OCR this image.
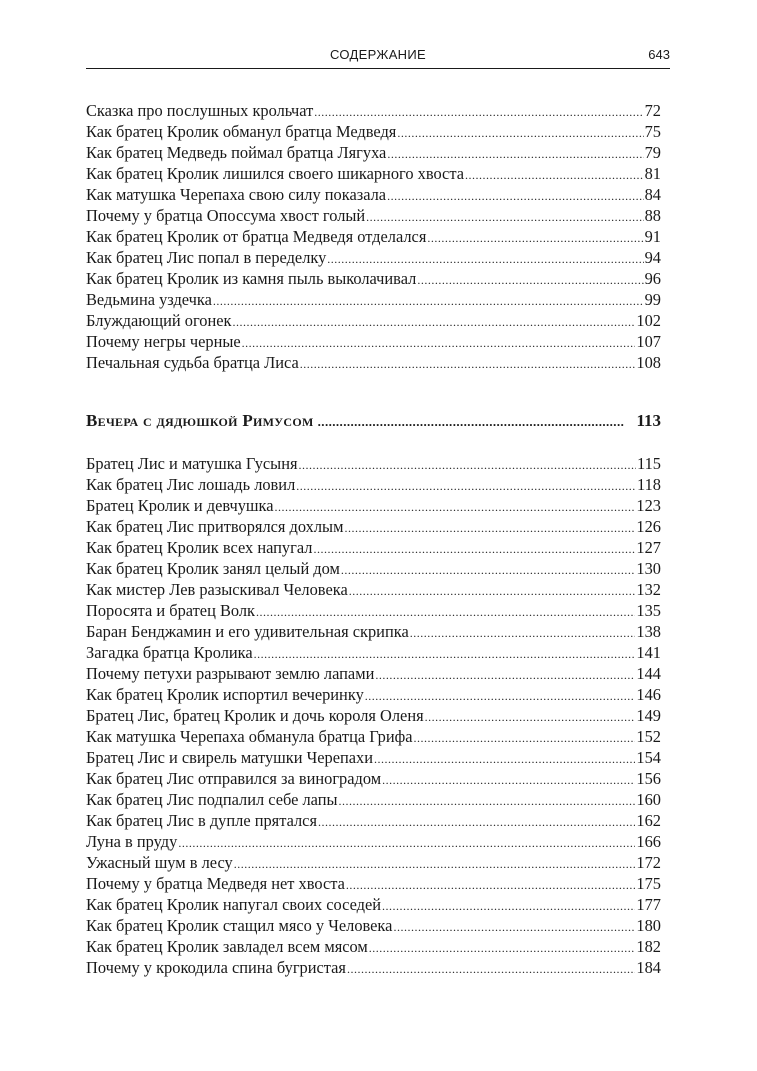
СОДЕРЖАНИЕ	643
Сказка про послушных крольчат .....	72
Как братец Кролик обманул братца Медведя .....	75
Как братец Медведь поймал братца Лягуха .....	79
Как братец Кролик лишился своего шикарного хвоста .....	81
Как матушка Черепаха свою силу показала .....	84
Почему у братца Опоссума хвост голый .....	88
Как братец Кролик от братца Медведя отделался .....	91
Как братец Лис попал в переделку .....	94
Как братец Кролик из камня пыль выколачивал .....	96
Ведьмина уздечка .....	99
Блуждающий огонек .....	102
Почему негры черные .....	107
Печальная судьба братца Лиса .....	108
Вечера с дядюшкой Римусом .....	113
Братец Лис и матушка Гусыня .....	115
Как братец Лис лошадь ловил .....	118
Братец Кролик и девчушка .....	123
Как братец Лис притворялся дохлым .....	126
Как братец Кролик всех напугал .....	127
Как братец Кролик занял целый дом .....	130
Как мистер Лев разыскивал Человека .....	132
Поросята и братец Волк .....	135
Баран Бенджамин и его удивительная скрипка .....	138
Загадка братца Кролика .....	141
Почему петухи разрывают землю лапами .....	144
Как братец Кролик испортил вечеринку .....	146
Братец Лис, братец Кролик и дочь короля Оленя .....	149
Как матушка Черепаха обманула братца Грифа .....	152
Братец Лис и свирель матушки Черепахи .....	154
Как братец Лис отправился за виноградом .....	156
Как братец Лис подпалил себе лапы .....	160
Как братец Лис в дупле прятался .....	162
Луна в пруду .....	166
Ужасный шум в лесу .....	172
Почему у братца Медведя нет хвоста .....	175
Как братец Кролик напугал своих соседей .....	177
Как братец Кролик стащил мясо у Человека .....	180
Как братец Кролик завладел всем мясом .....	182
Почему у крокодила спина бугристая .....	184
